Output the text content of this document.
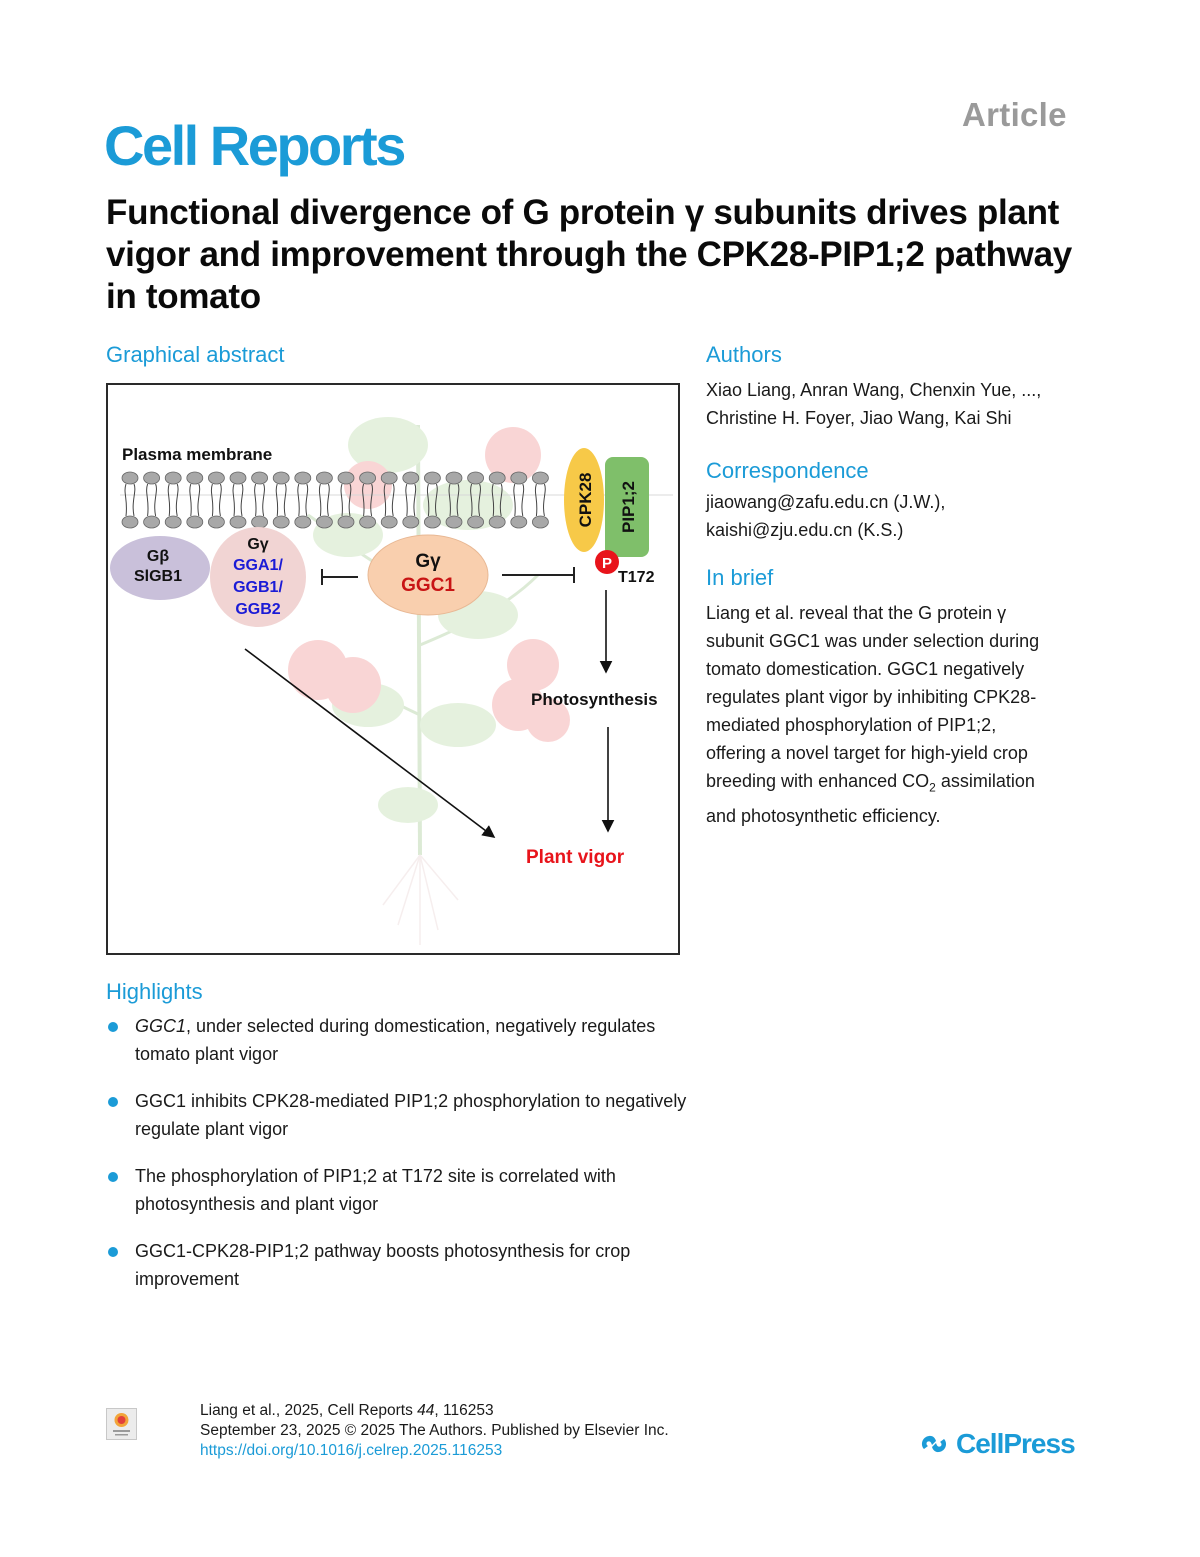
Article
Cell Reports
Functional divergence of G protein γ subunits drives plant vigor and improvement through the CPK28-PIP1;2 pathway in tomato
Graphical abstract
Plasma membrane
CPK28 PIP1;2
P
T172
Gβ
SlGB1
Gγ
GGA1/
GGB1/
GGB2
Gγ
GGC1
Photosynthesis
Plant vigor
Authors
Xiao Liang, Anran Wang, Chenxin Yue, ...,
Christine H. Foyer, Jiao Wang, Kai Shi
Correspondence
jiaowang@zafu.edu.cn (J.W.),
kaishi@zju.edu.cn (K.S.)
In brief
Liang et al. reveal that the G protein γ
subunit GGC1 was under selection during
tomato domestication. GGC1 negatively
regulates plant vigor by inhibiting CPK28-
mediated phosphorylation of PIP1;2,
offering a novel target for high-yield crop
breeding with enhanced $CO_2$ assimilation
and photosynthetic efficiency.
Highlights
GGC1, under selected during domestication, negatively regulates tomato plant vigor
GGC1 inhibits CPK28-mediated PIP1;2 phosphorylation to negatively regulate plant vigor
The phosphorylation of PIP1;2 at T172 site is correlated with photosynthesis and plant vigor
GGC1-CPK28-PIP1;2 pathway boosts photosynthesis for crop improvement
Liang et al., 2025, Cell Reports 44, 116253
September 23, 2025 © 2025 The Authors. Published by Elsevier Inc.
https://doi.org/10.1016/j.celrep.2025.116253	CellPress
